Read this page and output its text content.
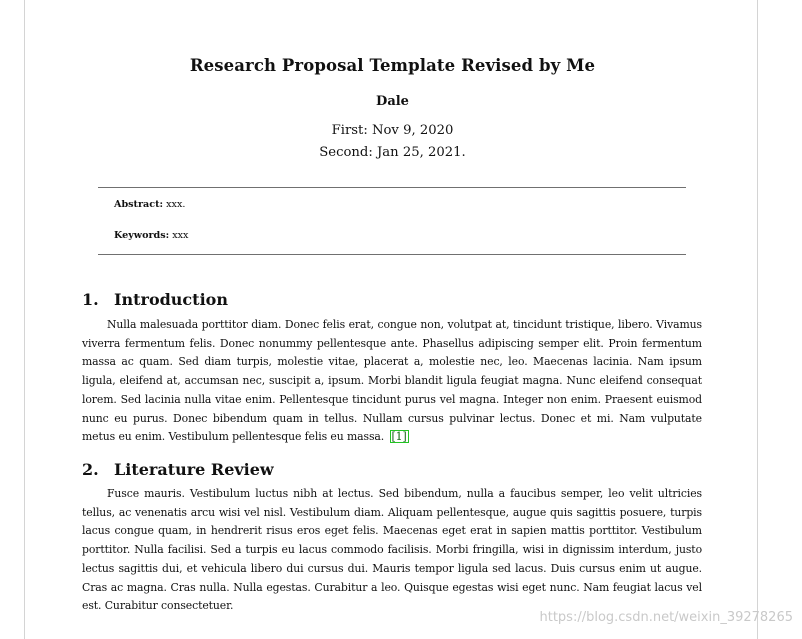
Research Proposal Template Revised by Me
Dale
First: Nov 9, 2020
Second: Jan 25, 2021.
Abstract: xxx.
Keywords: xxx
1. Introduction
Nulla malesuada porttitor diam. Donec felis erat, congue non, volutpat at, tincidunt tristique, libero. Vivamus viverra fermentum felis. Donec nonummy pellentesque ante. Phasellus adipiscing semper elit. Proin fermentum massa ac quam. Sed diam turpis, molestie vitae, placerat a, molestie nec, leo. Maecenas lacinia. Nam ipsum ligula, eleifend at, accumsan nec, suscipit a, ipsum. Morbi blandit ligula feugiat magna. Nunc eleifend consequat lorem. Sed lacinia nulla vitae enim. Pellentesque tincidunt purus vel magna. Integer non enim. Praesent euismod nunc eu purus. Donec bibendum quam in tellus. Nullam cursus pulvinar lectus. Donec et mi. Nam vulputate metus eu enim. Vestibulum pellentesque felis eu massa. [1]
2. Literature Review
Fusce mauris. Vestibulum luctus nibh at lectus. Sed bibendum, nulla a faucibus semper, leo velit ultricies tellus, ac venenatis arcu wisi vel nisl. Vestibulum diam. Aliquam pellentesque, augue quis sagittis posuere, turpis lacus congue quam, in hendrerit risus eros eget felis. Maecenas eget erat in sapien mattis porttitor. Vestibulum porttitor. Nulla facilisi. Sed a turpis eu lacus commodo facilisis. Morbi fringilla, wisi in dignissim interdum, justo lectus sagittis dui, et vehicula libero dui cursus dui. Mauris tempor ligula sed lacus. Duis cursus enim ut augue. Cras ac magna. Cras nulla. Nulla egestas. Curabitur a leo. Quisque egestas wisi eget nunc. Nam feugiat lacus vel est. Curabitur consectetuer.
https://blog.csdn.net/weixin_39278265
